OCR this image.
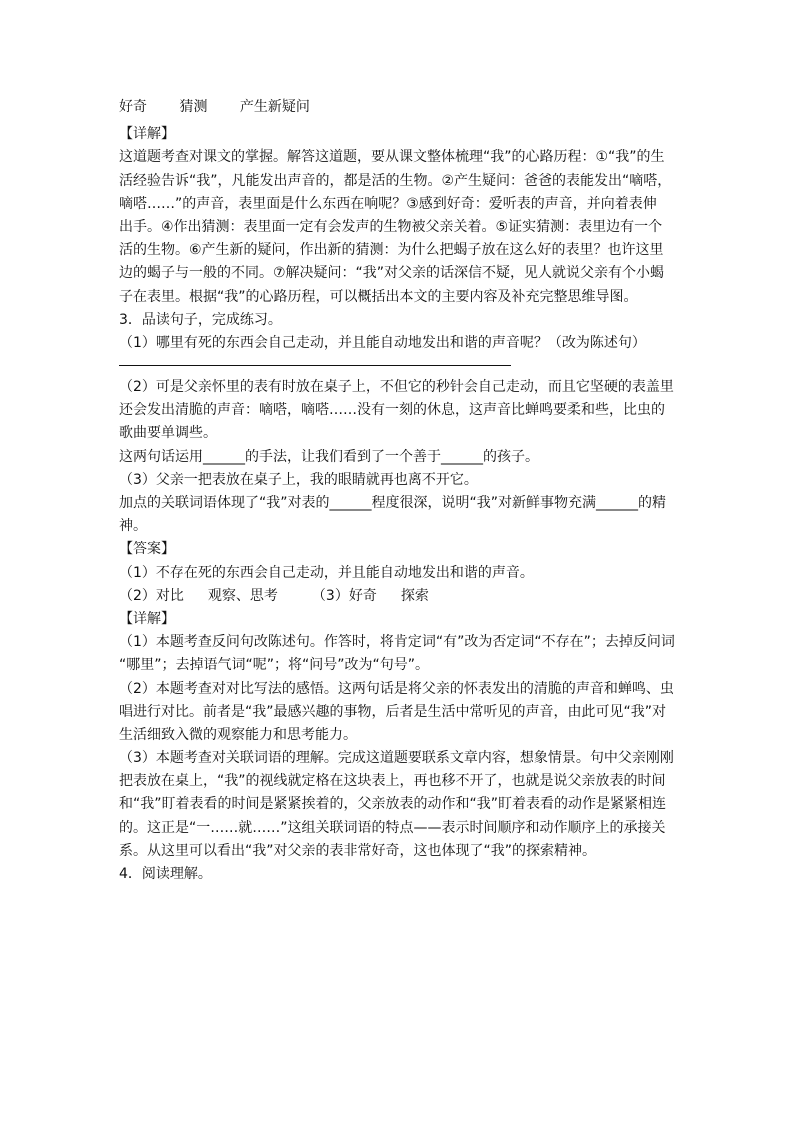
好奇 猜测 产生新疑问
【详解】
这道题考查对课文的掌握。解答这道题，要从课文整体梳理“我”的心路历程：①“我”的生
活经验告诉“我”，凡能发出声音的，都是活的生物。②产生疑问：爸爸的表能发出“嘀嗒，
嘀嗒……”的声音，表里面是什么东西在响呢？③感到好奇：爱听表的声音，并向着表伸
出手。④作出猜测：表里面一定有会发声的生物被父亲关着。⑤证实猜测：表里边有一个
活的生物。⑥产生新的疑问，作出新的猜测：为什么把蝎子放在这么好的表里？也许这里
边的蝎子与一般的不同。⑦解决疑问：“我”对父亲的话深信不疑，见人就说父亲有个小蝎
子在表里。根据“我”的心路历程，可以概括出本文的主要内容及补充完整思维导图。
3．品读句子，完成练习。
（1）哪里有死的东西会自己走动，并且能自动地发出和谐的声音呢？（改为陈述句）
（2）可是父亲怀里的表有时放在桌子上，不但它的秒针会自己走动，而且它坚硬的表盖里
还会发出清脆的声音：嘀嗒，嘀嗒……没有一刻的休息，这声音比蝉鸣要柔和些，比虫的
歌曲要单调些。
这两句话运用______的手法，让我们看到了一个善于______的孩子。
（3）父亲一把表放在桌子上，我的眼睛就再也离不开它。
加点的关联词语体现了“我”对表的______程度很深，说明“我”对新鲜事物充满______的精
神。
【答案】
（1）不存在死的东西会自己走动，并且能自动地发出和谐的声音。
（2）对比 观察、思考 （3）好奇 探索
【详解】
（1）本题考查反问句改陈述句。作答时，将肯定词“有”改为否定词“不存在”；去掉反问词
“哪里”；去掉语气词“呢”；将“问号”改为“句号”。
（2）本题考查对对比写法的感悟。这两句话是将父亲的怀表发出的清脆的声音和蝉鸣、虫
唱进行对比。前者是“我”最感兴趣的事物，后者是生活中常听见的声音，由此可见“我”对
生活细致入微的观察能力和思考能力。
（3）本题考查对关联词语的理解。完成这道题要联系文章内容，想象情景。句中父亲刚刚
把表放在桌上，“我”的视线就定格在这块表上，再也移不开了，也就是说父亲放表的时间
和“我”盯着表看的时间是紧紧挨着的，父亲放表的动作和“我”盯着表看的动作是紧紧相连
的。这正是“一……就……”这组关联词语的特点——表示时间顺序和动作顺序上的承接关
系。从这里可以看出“我”对父亲的表非常好奇，这也体现了“我”的探索精神。
4．阅读理解。
